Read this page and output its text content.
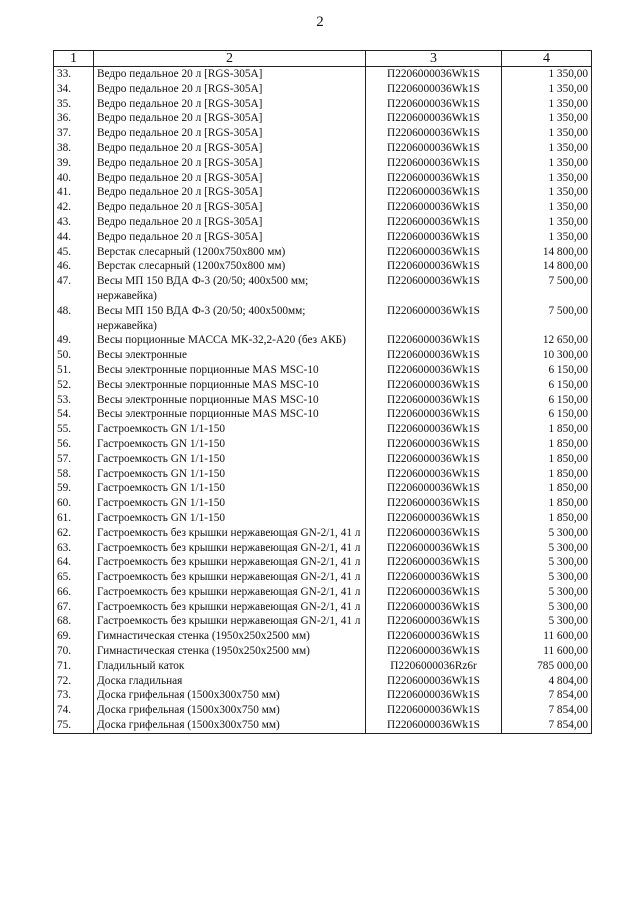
2
1	2	3	4
33.	Ведро педальное 20 л [RGS-305A]	П2206000036Wk1S	1 350,00
34.	Ведро педальное 20 л [RGS-305A]	П2206000036Wk1S	1 350,00
35.	Ведро педальное 20 л [RGS-305A]	П2206000036Wk1S	1 350,00
36.	Ведро педальное 20 л [RGS-305A]	П2206000036Wk1S	1 350,00
37.	Ведро педальное 20 л [RGS-305A]	П2206000036Wk1S	1 350,00
38.	Ведро педальное 20 л [RGS-305A]	П2206000036Wk1S	1 350,00
39.	Ведро педальное 20 л [RGS-305A]	П2206000036Wk1S	1 350,00
40.	Ведро педальное 20 л [RGS-305A]	П2206000036Wk1S	1 350,00
41.	Ведро педальное 20 л [RGS-305A]	П2206000036Wk1S	1 350,00
42.	Ведро педальное 20 л [RGS-305A]	П2206000036Wk1S	1 350,00
43.	Ведро педальное 20 л [RGS-305A]	П2206000036Wk1S	1 350,00
44.	Ведро педальное 20 л [RGS-305A]	П2206000036Wk1S	1 350,00
45.	Верстак слесарный (1200x750x800 мм)	П2206000036Wk1S	14 800,00
46.	Верстак слесарный (1200x750x800 мм)	П2206000036Wk1S	14 800,00
47.	Весы МП 150 ВДА Ф-3 (20/50; 400x500 мм; нержавейка)	П2206000036Wk1S	7 500,00
48.	Весы МП 150 ВДА Ф-3 (20/50; 400x500мм; нержавейка)	П2206000036Wk1S	7 500,00
49.	Весы порционные МАССА МК-32,2-А20 (без АКБ)	П2206000036Wk1S	12 650,00
50.	Весы электронные	П2206000036Wk1S	10 300,00
51.	Весы электронные порционные MAS MSC-10	П2206000036Wk1S	6 150,00
52.	Весы электронные порционные MAS MSC-10	П2206000036Wk1S	6 150,00
53.	Весы электронные порционные MAS MSC-10	П2206000036Wk1S	6 150,00
54.	Весы электронные порционные MAS MSC-10	П2206000036Wk1S	6 150,00
55.	Гастроемкость GN 1/1-150	П2206000036Wk1S	1 850,00
56.	Гастроемкость GN 1/1-150	П2206000036Wk1S	1 850,00
57.	Гастроемкость GN 1/1-150	П2206000036Wk1S	1 850,00
58.	Гастроемкость GN 1/1-150	П2206000036Wk1S	1 850,00
59.	Гастроемкость GN 1/1-150	П2206000036Wk1S	1 850,00
60.	Гастроемкость GN 1/1-150	П2206000036Wk1S	1 850,00
61.	Гастроемкость GN 1/1-150	П2206000036Wk1S	1 850,00
62.	Гастроемкость без крышки нержавеющая GN-2/1, 41 л	П2206000036Wk1S	5 300,00
63.	Гастроемкость без крышки нержавеющая GN-2/1, 41 л	П2206000036Wk1S	5 300,00
64.	Гастроемкость без крышки нержавеющая GN-2/1, 41 л	П2206000036Wk1S	5 300,00
65.	Гастроемкость без крышки нержавеющая GN-2/1, 41 л	П2206000036Wk1S	5 300,00
66.	Гастроемкость без крышки нержавеющая GN-2/1, 41 л	П2206000036Wk1S	5 300,00
67.	Гастроемкость без крышки нержавеющая GN-2/1, 41 л	П2206000036Wk1S	5 300,00
68.	Гастроемкость без крышки нержавеющая GN-2/1, 41 л	П2206000036Wk1S	5 300,00
69.	Гимнастическая стенка (1950x250x2500 мм)	П2206000036Wk1S	11 600,00
70.	Гимнастическая стенка (1950x250x2500 мм)	П2206000036Wk1S	11 600,00
71.	Гладильный каток	П2206000036Rz6r	785 000,00
72.	Доска гладильная	П2206000036Wk1S	4 804,00
73.	Доска грифельная (1500x300x750 мм)	П2206000036Wk1S	7 854,00
74.	Доска грифельная (1500x300x750 мм)	П2206000036Wk1S	7 854,00
75.	Доска грифельная (1500x300x750 мм)	П2206000036Wk1S	7 854,00
